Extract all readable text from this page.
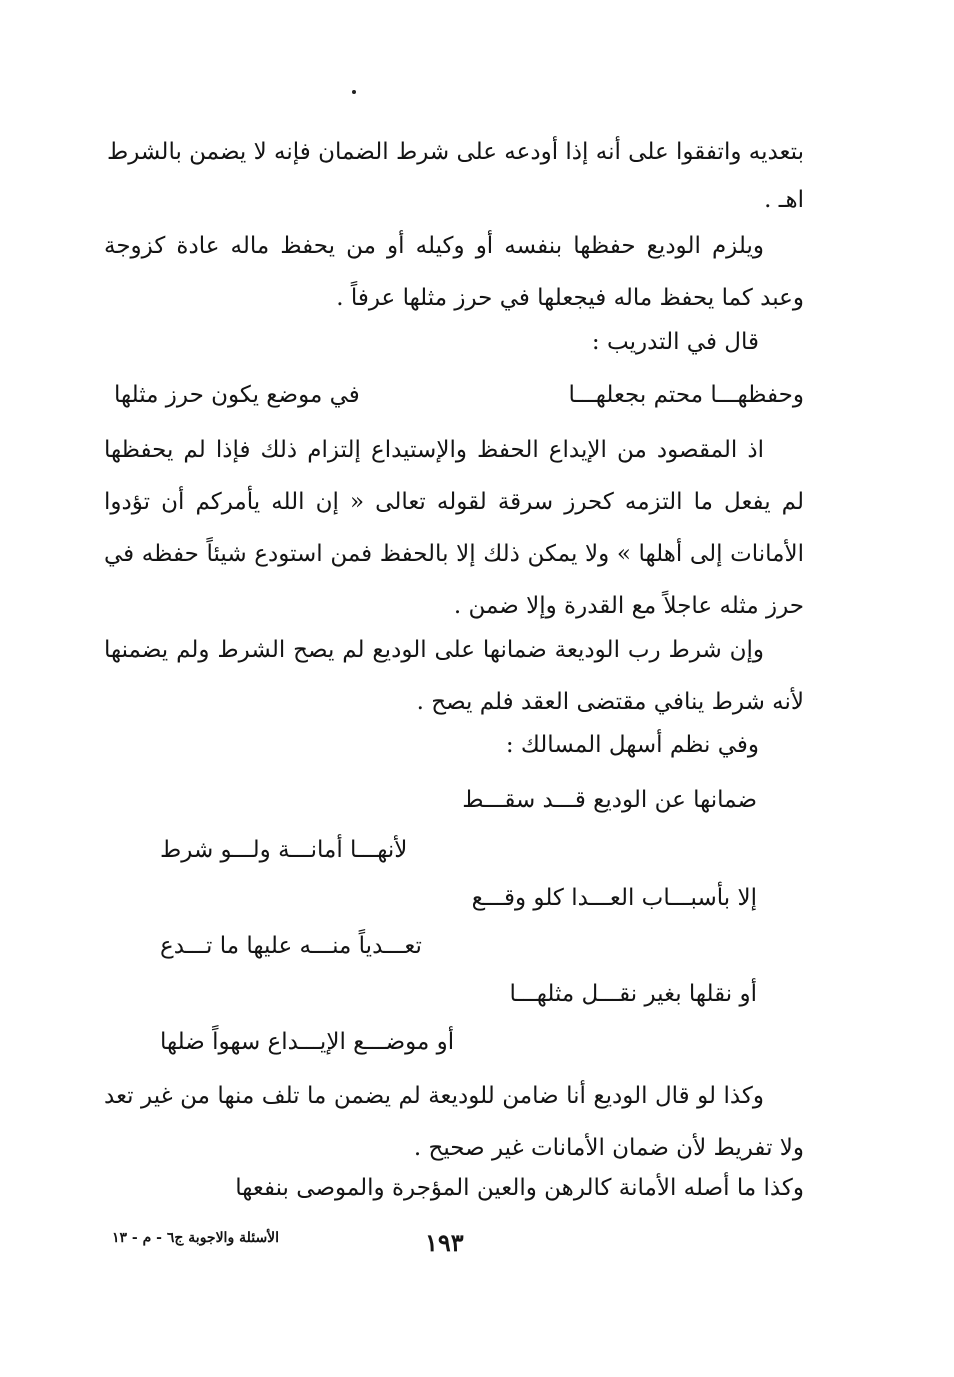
بتعديه واتفقوا على أنه إذا أودعه على شرط الضمان فإنه لا يضمن بالشرط
اهـ .
ويلزم الوديع حفظها بنفسه أو وكيله أو من يحفظ ماله عادة كزوجة وعبد كما يحفظ ماله فيجعلها في حرز مثلها عرفاً .
قال في التدريب :
وحفظهـــا محتم بجعلهـــا
في موضع يكون حرز مثلها
اذ المقصود من الإيداع الحفظ والإستيداع إلتزام ذلك فإذا لم يحفظها لم يفعل ما التزمه كحرز سرقة لقوله تعالى « إن الله يأمركم أن تؤدوا الأمانات إلى أهلها » ولا يمكن ذلك إلا بالحفظ فمن استودع شيئاً حفظه في حرز مثله عاجلاً مع القدرة وإلا ضمن .
وإن شرط رب الوديعة ضمانها على الوديع لم يصح الشرط ولم يضمنها لأنه شرط ينافي مقتضى العقد فلم يصح .
وفي نظم أسهل المسالك :
ضمانها عن الوديع قـــد سقـــط
لأنهـــا أمانـــة ولـــو شرط
إلا بأسبـــاب العـــدا كلو وقـــع
تعـــدياً منـــه عليها ما تـــدع
أو نقلها بغير نقـــل مثلهـــا
أو موضـــع الإيـــداع سهواً ضلها
وكذا لو قال الوديع أنا ضامن للوديعة لم يضمن ما تلف منها من غير تعد ولا تفريط لأن ضمان الأمانات غير صحيح .
وكذا ما أصله الأمانة كالرهن والعين المؤجرة والموصى بنفعها
١٩٣
الأسئلة والاجوبة ج٦ - م - ١٣
